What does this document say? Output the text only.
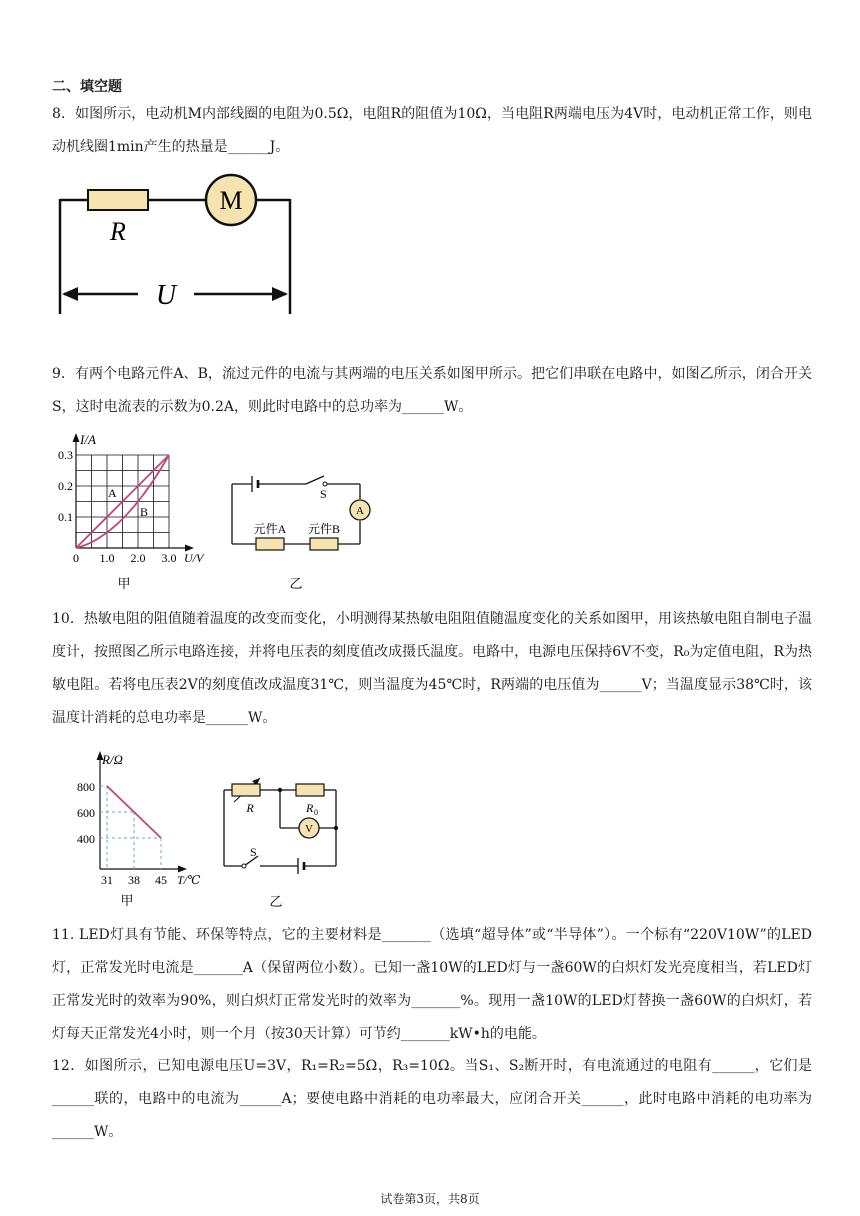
二、填空题

8．如图所示，电动机M内部线圈的电阻为0.5Ω，电阻R的阻值为10Ω，当电阻R两端电压为4V时，电动机正常工作，则电动机线圈1min产生的热量是______J。

M
R
U

9．有两个电路元件A、B，流过元件的电流与其两端的电压关系如图甲所示。把它们串联在电路中，如图乙所示，闭合开关S，这时电流表的示数为0.2A，则此时电路中的总功率为______W。

I/A
0.3
0.2
0.1
0 1.0 2.0 3.0 U/V
A
B
甲
A
S
元件A 元件B
乙

10．热敏电阻的阻值随着温度的改变而变化，小明测得某热敏电阻阻值随温度变化的关系如图甲，用该热敏电阻自制电子温度计，按照图乙所示电路连接，并将电压表的刻度值改成摄氏温度。电路中，电源电压保持6V不变，R₀为定值电阻，R为热敏电阻。若将电压表2V的刻度值改成温度31℃，则当温度为45℃时，R两端的电压值为______V；当温度显示38℃时，该温度计消耗的总电功率是______W。

R/Ω
800
600
400
31 38 45 T/℃
甲
V
R	R 0
S
乙

11. LED灯具有节能、环保等特点，它的主要材料是_______（选填“超导体”或“半导体”）。一个标有“220V10W”的LED灯，正常发光时电流是_______A（保留两位小数）。已知一盏10W的LED灯与一盏60W的白炽灯发光亮度相当，若LED灯正常发光时的效率为90%，则白炽灯正常发光时的效率为_______%。现用一盏10W的LED灯替换一盏60W的白炽灯，若灯每天正常发光4小时，则一个月（按30天计算）可节约_______kW•h的电能。

12．如图所示，已知电源电压U=3V，R₁=R₂=5Ω，R₃=10Ω。当S₁、S₂断开时，有电流通过的电阻有______，它们是______联的，电路中的电流为______A；要使电路中消耗的电功率最大，应闭合开关______，此时电路中消耗的电功率为______W。

试卷第3页，共8页
